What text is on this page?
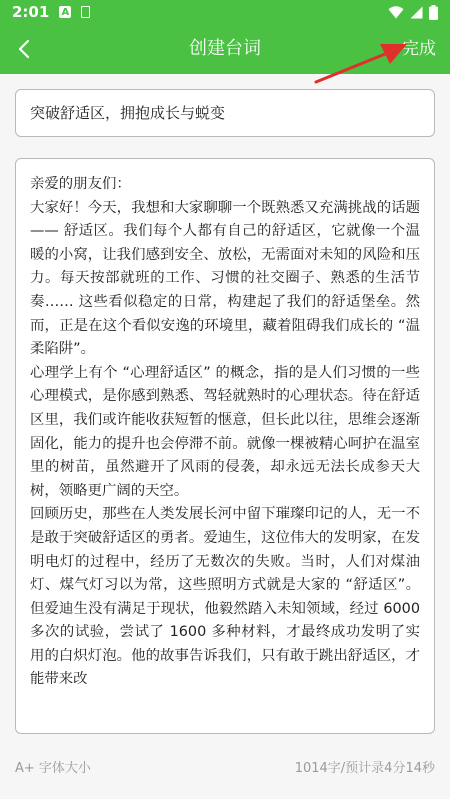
2:01 A
创建台词	完成
突破舒适区，拥抱成长与蜕变

亲爱的朋友们：

大家好！今天，我想和大家聊聊一个既熟悉又充满挑战的话题 —— 舒适区。我们每个人都有自己的舒适区，它就像一个温暖的小窝，让我们感到安全、放松，无需面对未知的风险和压力。每天按部就班的工作、习惯的社交圈子、熟悉的生活节奏…… 这些看似稳定的日常，构建起了我们的舒适堡垒。然而，正是在这个看似安逸的环境里，藏着阻碍我们成长的 “温柔陷阱”。

心理学上有个 “心理舒适区” 的概念，指的是人们习惯的一些心理模式，是你感到熟悉、驾轻就熟时的心理状态。待在舒适区里，我们或许能收获短暂的惬意，但长此以往，思维会逐渐固化，能力的提升也会停滞不前。就像一棵被精心呵护在温室里的树苗，虽然避开了风雨的侵袭，却永远无法长成参天大树，领略更广阔的天空。

回顾历史，那些在人类发展长河中留下璀璨印记的人，无一不是敢于突破舒适区的勇者。爱迪生，这位伟大的发明家，在发明电灯的过程中，经历了无数次的失败。当时，人们对煤油灯、煤气灯习以为常，这些照明方式就是大家的 “舒适区”。但爱迪生没有满足于现状，他毅然踏入未知领域，经过 6000 多次的试验，尝试了 1600 多种材料，才最终成功发明了实用的白炽灯泡。他的故事告诉我们，只有敢于跳出舒适区，才能带来改

A+ 字体大小	1014字/预计录4分14秒
